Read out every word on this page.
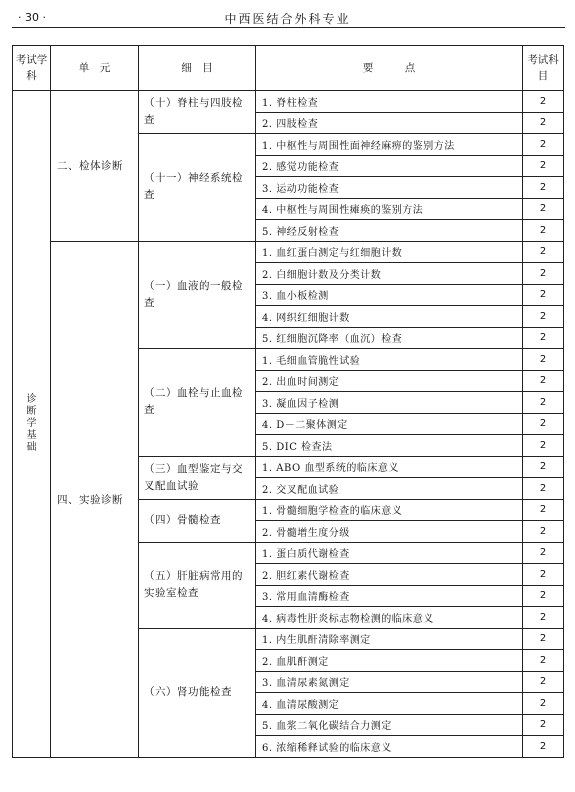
· 30 ·	中西医结合外科专业
考试学科	单　元	细　目	要　　　点	考试科目
诊断学基础	二、检体诊断	（十）脊柱与四肢检查	1. 脊柱检查	2
			2. 四肢检查	2
		（十一）神经系统检查	1. 中枢性与周围性面神经麻痹的鉴别方法	2
			2. 感觉功能检查	2
			3. 运动功能检查	2
			4. 中枢性与周围性瘫痪的鉴别方法	2
			5. 神经反射检查	2
	四、实验诊断	（一）血液的一般检查	1. 血红蛋白测定与红细胞计数	2
			2. 白细胞计数及分类计数	2
			3. 血小板检测	2
			4. 网织红细胞计数	2
			5. 红细胞沉降率（血沉）检查	2
		（二）血栓与止血检查	1. 毛细血管脆性试验	2
			2. 出血时间测定	2
			3. 凝血因子检测	2
			4. D－二聚体测定	2
			5. DIC 检查法	2
		（三）血型鉴定与交叉配血试验	1. ABO 血型系统的临床意义	2
			2. 交叉配血试验	2
		（四）骨髓检查	1. 骨髓细胞学检查的临床意义	2
			2. 骨髓增生度分级	2
		（五）肝脏病常用的实验室检查	1. 蛋白质代谢检查	2
			2. 胆红素代谢检查	2
			3. 常用血清酶检查	2
			4. 病毒性肝炎标志物检测的临床意义	2
		（六）肾功能检查	1. 内生肌酐清除率测定	2
			2. 血肌酐测定	2
			3. 血清尿素氮测定	2
			4. 血清尿酸测定	2
			5. 血浆二氧化碳结合力测定	2
			6. 浓缩稀释试验的临床意义	2
